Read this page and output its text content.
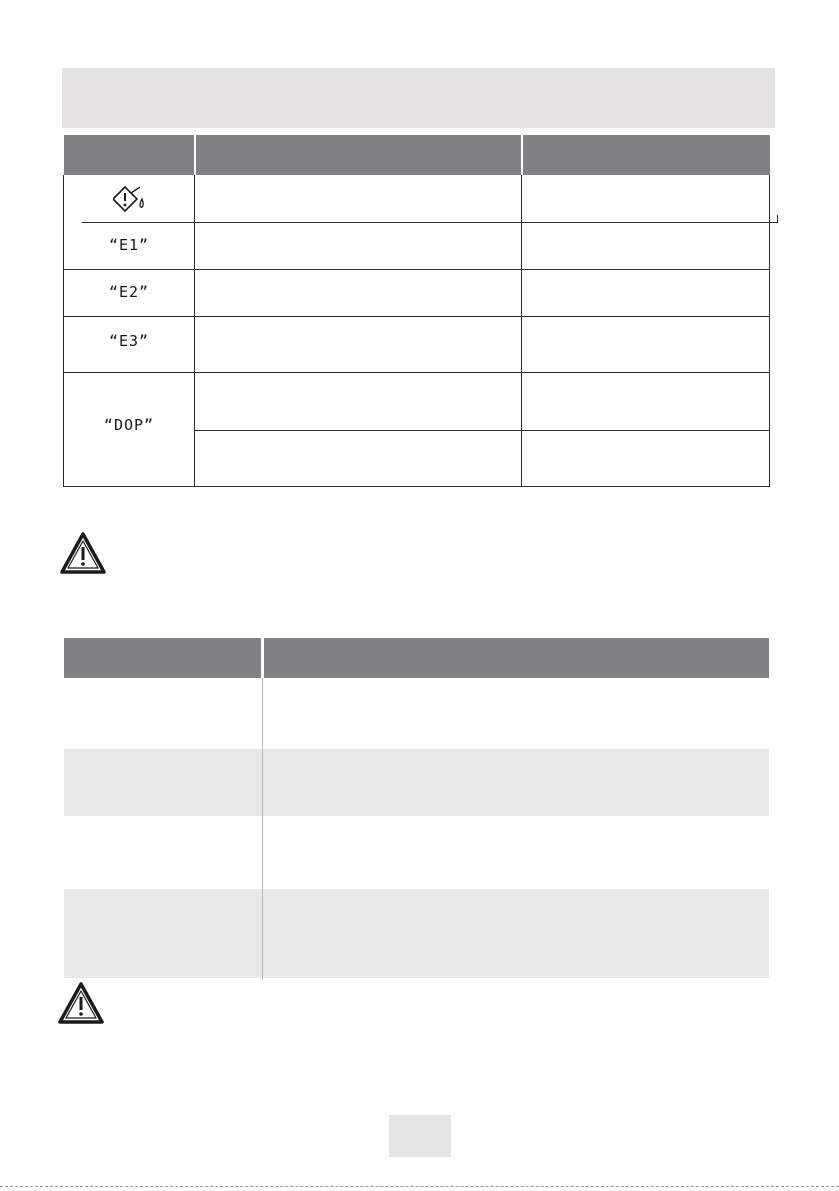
“E1”
“E2”
“E3”
“DOP”
